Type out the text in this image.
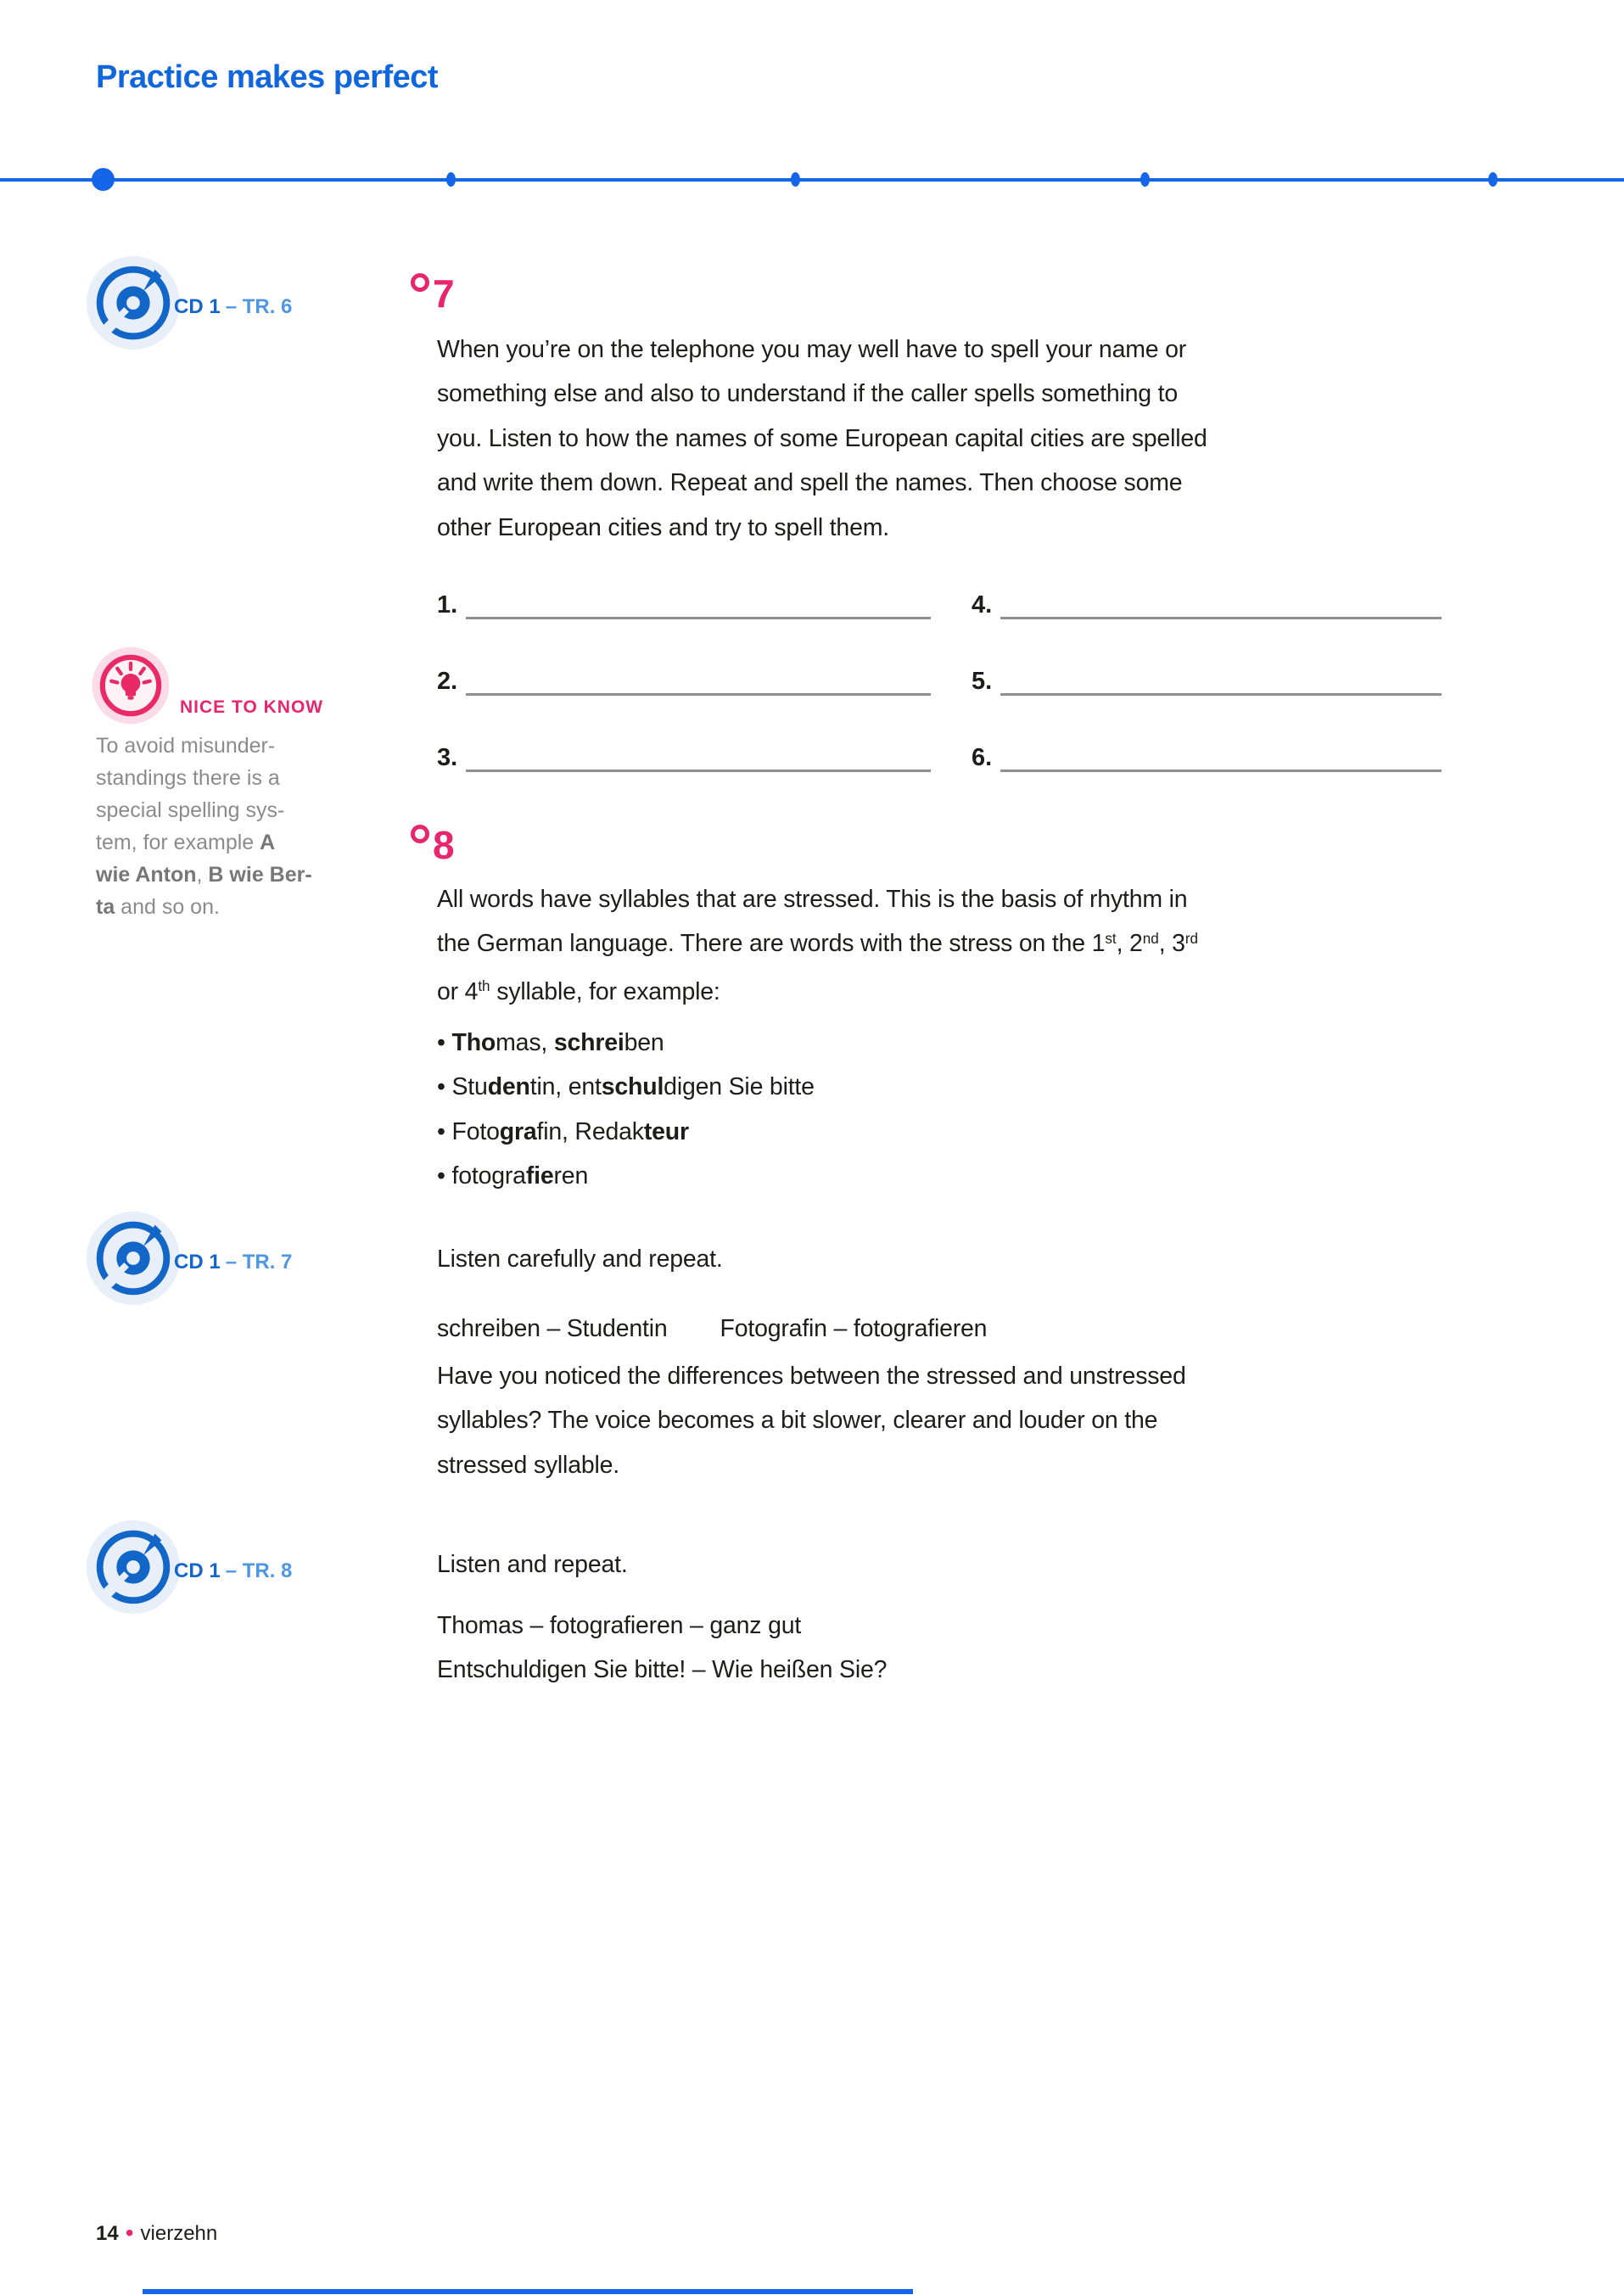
Practice makes perfect
CD 1 – TR. 6	7
When you’re on the telephone you may well have to spell your name or
something else and also to understand if the caller spells something to
you. Listen to how the names of some European capital cities are spelled
and write them down. Repeat and spell the names. Then choose some
other European cities and try to spell them.
1.
2.
3.
4.
5.
6.
NICE TO KNOW
To avoid misunder-
standings there is a
special spelling sys-
tem, for example A
wie Anton, B wie Ber-
ta and so on.
8
All words have syllables that are stressed. This is the basis of rhythm in
the German language. There are words with the stress on the 1st, 2nd, 3rd
or 4th syllable, for example:
• Thomas, schreiben
• Studentin, entschuldigen Sie bitte
• Fotografin, Redakteur
• fotografieren
CD 1 – TR. 7	Listen carefully and repeat.
schreiben – Studentin Fotografin – fotografieren
Have you noticed the differences between the stressed and unstressed
syllables? The voice becomes a bit slower, clearer and louder on the
stressed syllable.
CD 1 – TR. 8	Listen and repeat.
Thomas – fotografieren – ganz gut
Entschuldigen Sie bitte! – Wie heißen Sie?
14 • vierzehn
